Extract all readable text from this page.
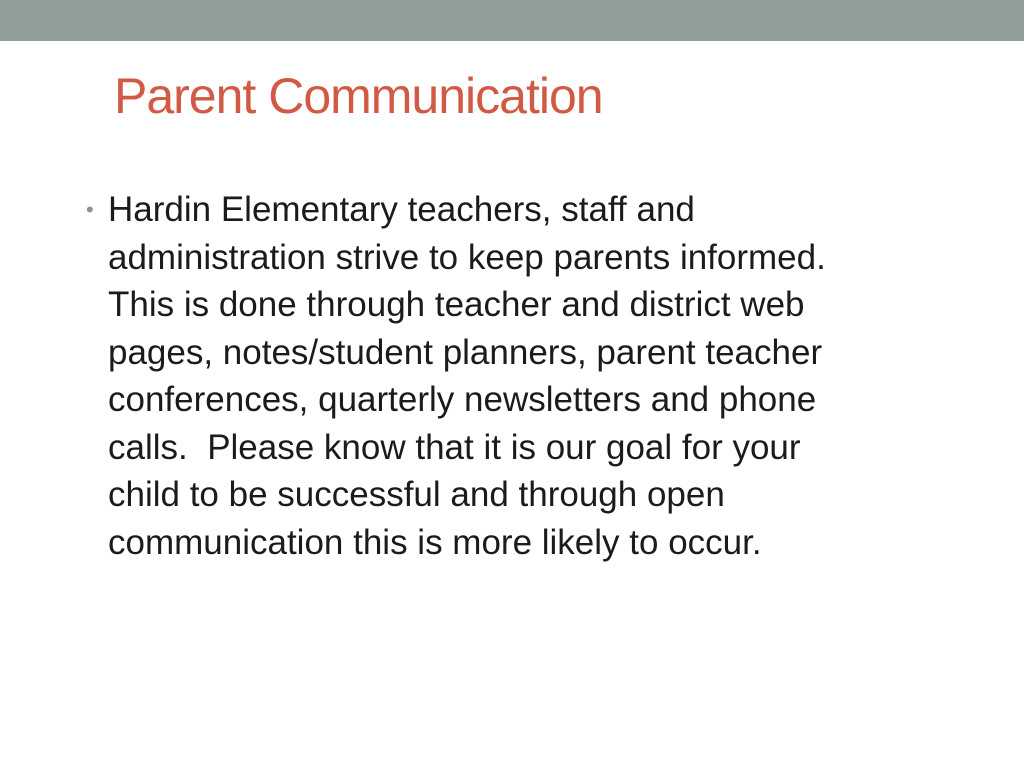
Parent Communication
• Hardin Elementary teachers, staff and
administration strive to keep parents informed.
This is done through teacher and district web
pages, notes/student planners, parent teacher
conferences, quarterly newsletters and phone
calls.  Please know that it is our goal for your
child to be successful and through open
communication this is more likely to occur.
